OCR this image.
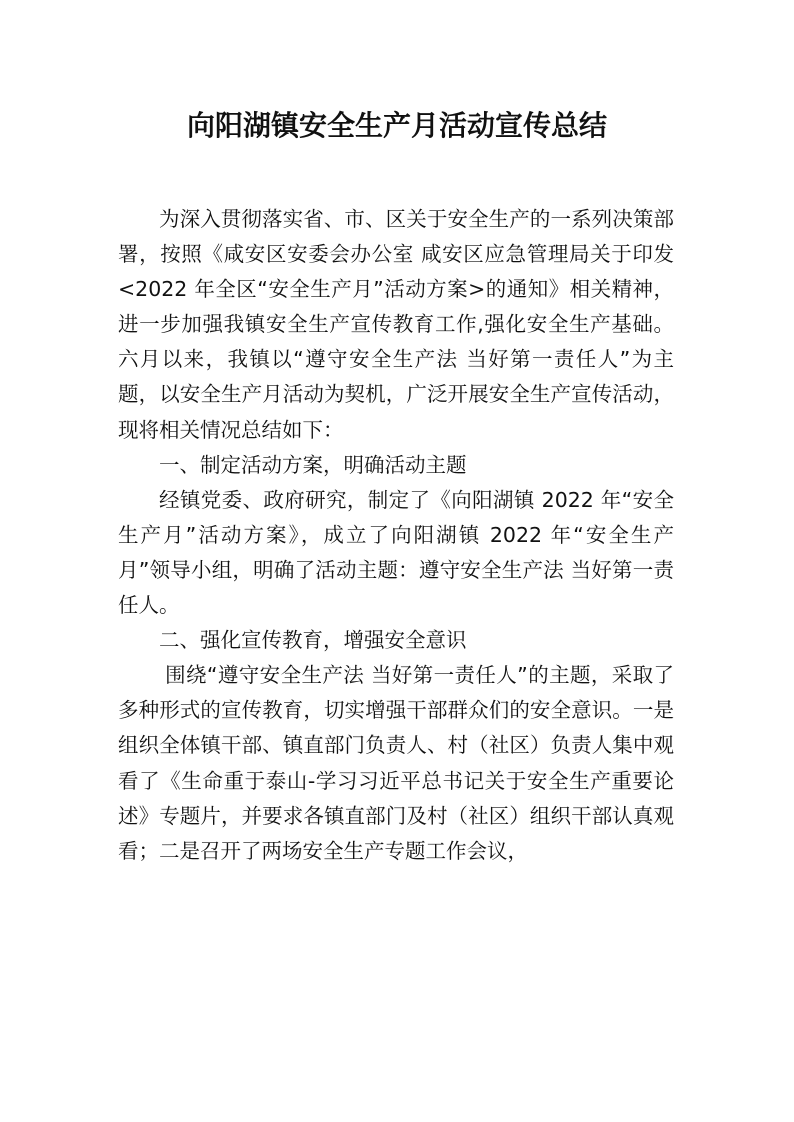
向阳湖镇安全生产月活动宣传总结

为深入贯彻落实省、市、区关于安全生产的一系列决策部署，按照《咸安区安委会办公室 咸安区应急管理局关于印发<2022 年全区“安全生产月”活动方案>的通知》相关精神，进一步加强我镇安全生产宣传教育工作,强化安全生产基础。六月以来，我镇以“遵守安全生产法 当好第一责任人”为主题，以安全生产月活动为契机，广泛开展安全生产宣传活动，现将相关情况总结如下：

一、制定活动方案，明确活动主题

经镇党委、政府研究，制定了《向阳湖镇 2022 年“安全生产月”活动方案》，成立了向阳湖镇 2022 年“安全生产月”领导小组，明确了活动主题：遵守安全生产法 当好第一责任人。

二、强化宣传教育，增强安全意识

围绕“遵守安全生产法 当好第一责任人”的主题，采取了多种形式的宣传教育，切实增强干部群众们的安全意识。一是组织全体镇干部、镇直部门负责人、村（社区）负责人集中观看了《生命重于泰山-学习习近平总书记关于安全生产重要论述》专题片，并要求各镇直部门及村（社区）组织干部认真观看；二是召开了两场安全生产专题工作会议，
